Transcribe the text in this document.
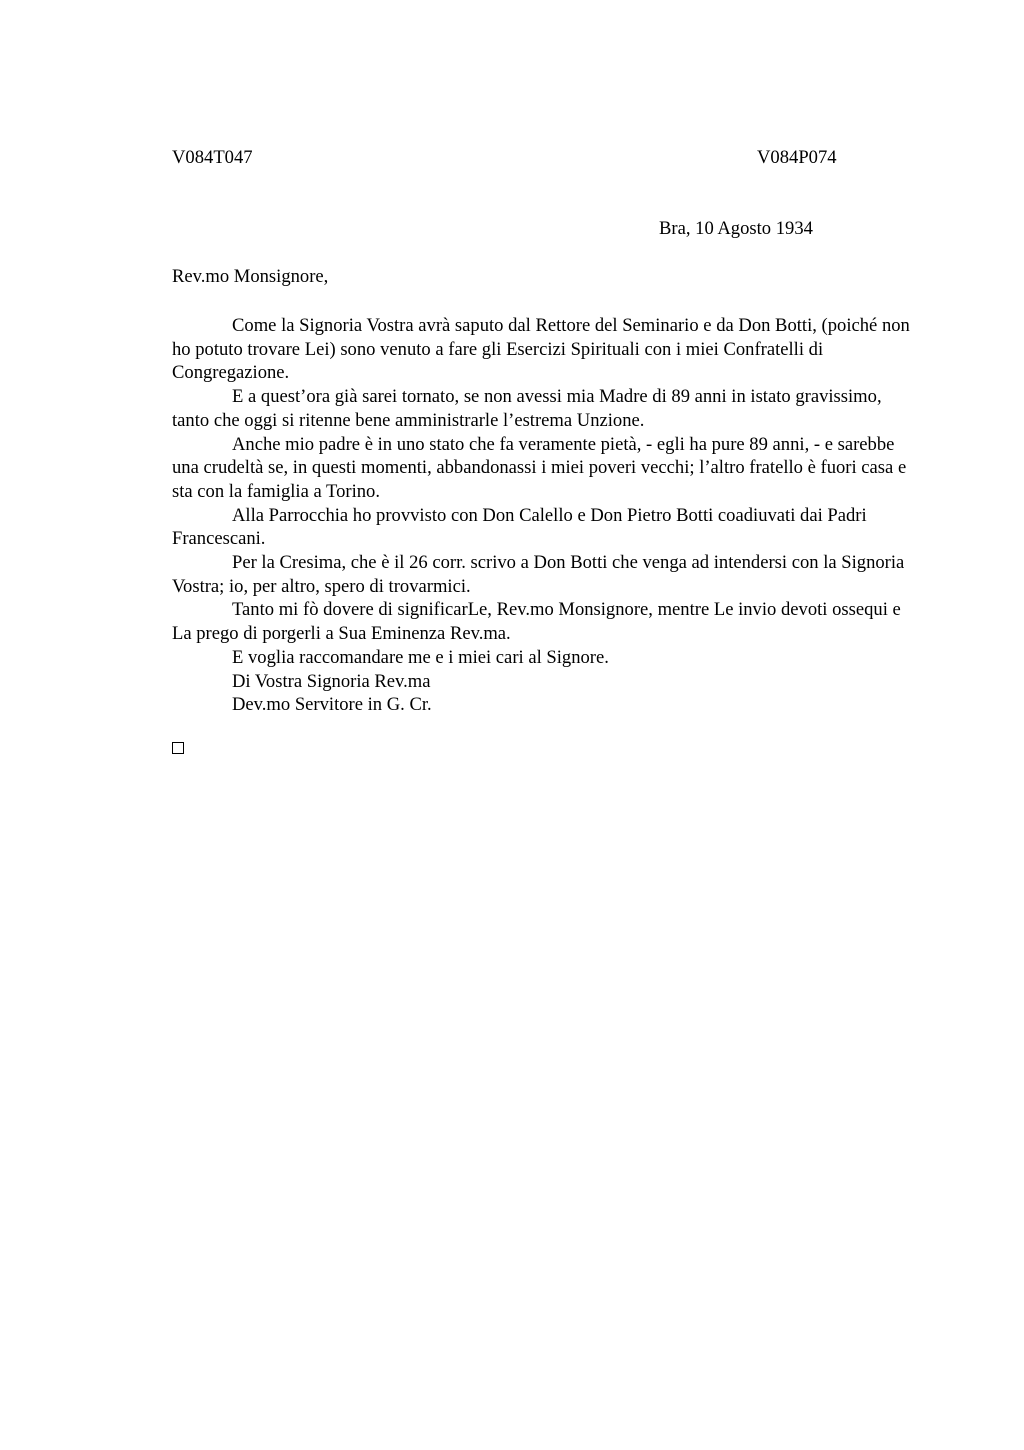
V084T047	V084P074
Bra, 10 Agosto 1934
Rev.mo Monsignore,

Come la Signoria Vostra avrà saputo dal Rettore del Seminario e da Don Botti, (poiché non ho potuto trovare Lei) sono venuto a fare gli Esercizi Spirituali con i miei Confratelli di Congregazione.

E a quest’ora già sarei tornato, se non avessi mia Madre di 89 anni in istato gravissimo, tanto che oggi si ritenne bene amministrarle l’estrema Unzione.

Anche mio padre è in uno stato che fa veramente pietà, - egli ha pure 89 anni, - e sarebbe una crudeltà se, in questi momenti, abbandonassi i miei poveri vecchi; l’altro fratello è fuori casa e sta con la famiglia a Torino.

Alla Parrocchia ho provvisto con Don Calello e Don Pietro Botti coadiuvati dai Padri Francescani.

Per la Cresima, che è il 26 corr. scrivo a Don Botti che venga ad intendersi con la Signoria Vostra; io, per altro, spero di trovarmici.

Tanto mi fò dovere di significarLe, Rev.mo Monsignore, mentre Le invio devoti ossequi e La prego di porgerli a Sua Eminenza Rev.ma.

E voglia raccomandare me e i miei cari al Signore.

Di Vostra Signoria Rev.ma

Dev.mo Servitore in G. Cr.
